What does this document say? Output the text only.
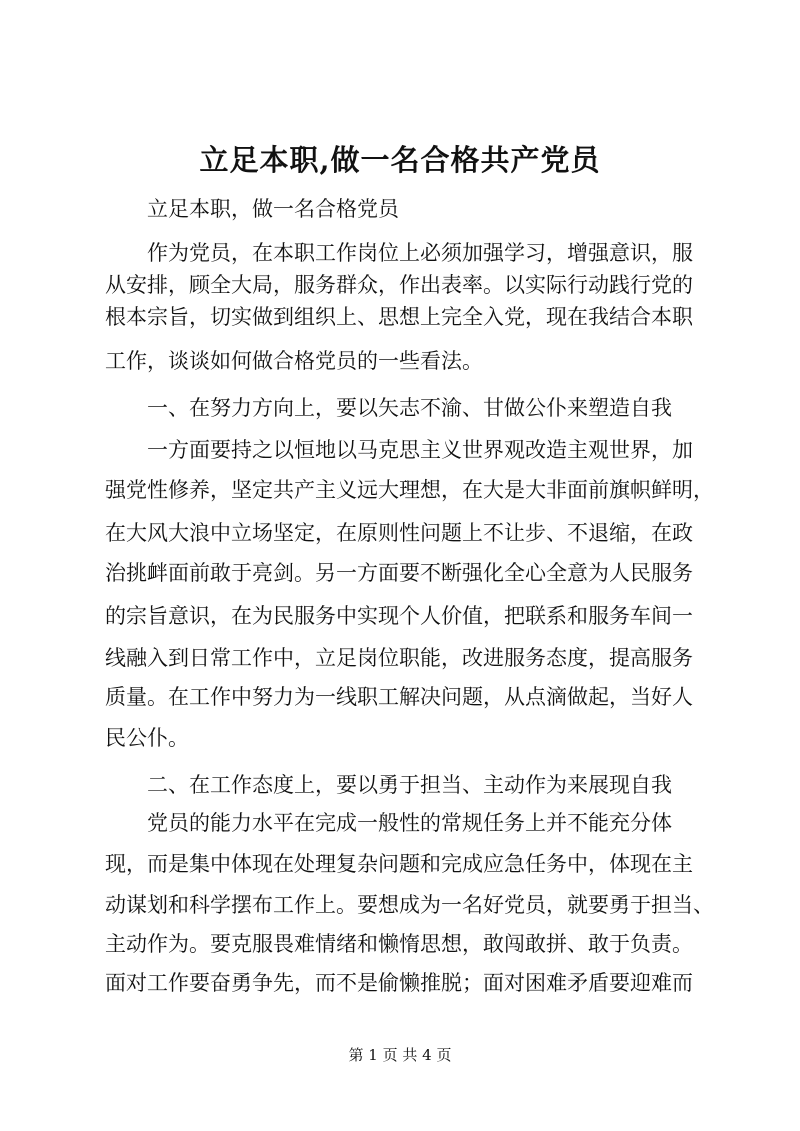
立足本职,做一名合格共产党员

立足本职，做一名合格党员

作为党员，在本职工作岗位上必须加强学习，增强意识，服

从安排，顾全大局，服务群众，作出表率。以实际行动践行党的

根本宗旨，切实做到组织上、思想上完全入党，现在我结合本职

工作，谈谈如何做合格党员的一些看法。

一、在努力方向上，要以矢志不渝、甘做公仆来塑造自我

一方面要持之以恒地以马克思主义世界观改造主观世界，加

强党性修养，坚定共产主义远大理想，在大是大非面前旗帜鲜明，

在大风大浪中立场坚定，在原则性问题上不让步、不退缩，在政

治挑衅面前敢于亮剑。另一方面要不断强化全心全意为人民服务

的宗旨意识，在为民服务中实现个人价值，把联系和服务车间一

线融入到日常工作中，立足岗位职能，改进服务态度，提高服务

质量。在工作中努力为一线职工解决问题，从点滴做起，当好人

民公仆。

二、在工作态度上，要以勇于担当、主动作为来展现自我

党员的能力水平在完成一般性的常规任务上并不能充分体

现，而是集中体现在处理复杂问题和完成应急任务中，体现在主

动谋划和科学摆布工作上。要想成为一名好党员，就要勇于担当、

主动作为。要克服畏难情绪和懒惰思想，敢闯敢拼、敢于负责。

面对工作要奋勇争先，而不是偷懒推脱；面对困难矛盾要迎难而

第 1 页 共 4 页
